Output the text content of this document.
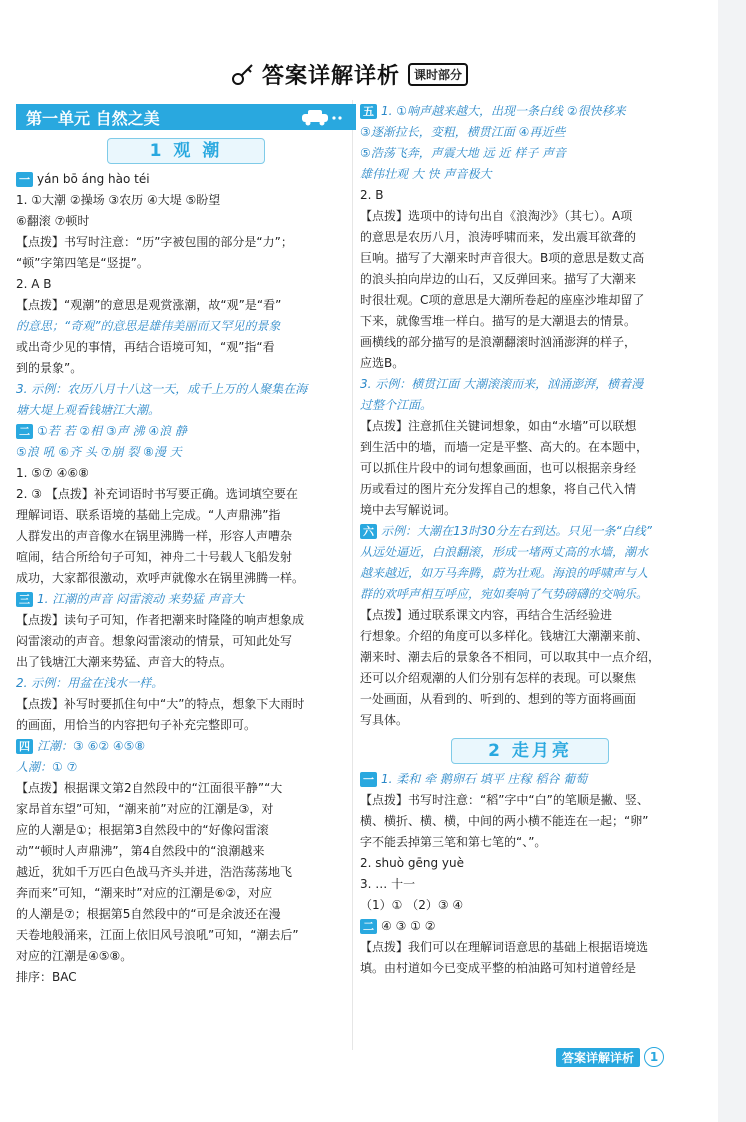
答案详解详析	课时部分
第一单元 自然之美
1 观 潮
一 yán bō áng hào téi
1. ①大潮 ②操场 ③农历 ④大堤 ⑤盼望
⑥翻滚 ⑦顿时
【点拨】书写时注意：“历”字被包围的部分是“力”；
“顿”字第四笔是“竖提”。
2. A B
【点拨】“观潮”的意思是观赏涨潮，故“观”是“看”
的意思；“奇观”的意思是雄伟美丽而又罕见的景象
或出奇少见的事情，再结合语境可知，“观”指“看
到的景象”。
3. 示例：农历八月十八这一天，成千上万的人聚集在海
塘大堤上观看钱塘江大潮。
二 ①若 若 ②相 ③声 沸 ④浪 静
⑤浪 吼 ⑥齐 头 ⑦崩 裂 ⑧漫 天
1. ⑤⑦ ④⑥⑧
2. ③ 【点拨】补充词语时书写要正确。选词填空要在
理解词语、联系语境的基础上完成。“人声鼎沸”指
人群发出的声音像水在锅里沸腾一样，形容人声嘈杂
喧闹，结合所给句子可知，神舟二十号载人飞船发射
成功，大家都很激动，欢呼声就像水在锅里沸腾一样。
三 1. 江潮的声音 闷雷滚动 来势猛 声音大
【点拨】读句子可知，作者把潮来时隆隆的响声想象成
闷雷滚动的声音。想象闷雷滚动的情景，可知此处写
出了钱塘江大潮来势猛、声音大的特点。
2. 示例：用盆在浅水一样。
【点拨】补写时要抓住句中“大”的特点，想象下大雨时
的画面，用恰当的内容把句子补充完整即可。
四 江潮：③ ⑥② ④⑤⑧
人潮：① ⑦
【点拨】根据课文第2自然段中的“江面很平静”“大
家昂首东望”可知，“潮来前”对应的江潮是③，对
应的人潮是①；根据第3自然段中的“好像闷雷滚
动”“顿时人声鼎沸”，第4自然段中的“浪潮越来
越近，犹如千万匹白色战马齐头并进，浩浩荡荡地飞
奔而来”可知，“潮来时”对应的江潮是⑥②，对应
的人潮是⑦；根据第5自然段中的“可是余波还在漫
天卷地般涌来，江面上依旧风号浪吼”可知，“潮去后”
对应的江潮是④⑤⑧。
排序：BAC
五 1. ①响声越来越大，出现一条白线 ②很快移来
③逐渐拉长，变粗，横贯江面 ④再近些
⑤浩荡飞奔，声震大地 远 近 样子 声音
雄伟壮观 大 快 声音极大
2. B
【点拨】选项中的诗句出自《浪淘沙》（其七）。A项
的意思是农历八月，浪涛呼啸而来，发出震耳欲聋的
巨响。描写了大潮来时声音很大。B项的意思是数丈高
的浪头拍向岸边的山石，又反弹回来。描写了大潮来
时很壮观。C项的意思是大潮所卷起的座座沙堆却留了
下来，就像雪堆一样白。描写的是大潮退去的情景。
画横线的部分描写的是浪潮翻滚时汹涌澎湃的样子，
应选B。
3. 示例：横贯江面 大潮滚滚而来，汹涌澎湃，横着漫
过整个江面。
【点拨】注意抓住关键词想象，如由“水墙”可以联想
到生活中的墙，而墙一定是平整、高大的。在本题中，
可以抓住片段中的词句想象画面，也可以根据亲身经
历或看过的图片充分发挥自己的想象，将自己代入情
境中去写解说词。
六 示例：大潮在13时30分左右到达。只见一条“白线”
从远处逼近，白浪翻滚，形成一堵两丈高的水墙，潮水
越来越近，如万马奔腾，蔚为壮观。海浪的呼啸声与人
群的欢呼声相互呼应，宛如奏响了气势磅礴的交响乐。
【点拨】通过联系课文内容，再结合生活经验进
行想象。介绍的角度可以多样化。钱塘江大潮潮来前、
潮来时、潮去后的景象各不相同，可以取其中一点介绍，
还可以介绍观潮的人们分别有怎样的表现。可以聚焦
一处画面，从看到的、听到的、想到的等方面将画面
写具体。
2 走月亮
一 1. 柔和 牵 鹅卵石 填平 庄稼 稻谷 葡萄
【点拨】书写时注意：“稻”字中“白”的笔顺是撇、竖、
横、横折、横、横，中间的两小横不能连在一起；“卵”
字不能丢掉第三笔和第七笔的“、”。
2. shuò gēng yuè
3. … 十一
（1）① （2）③ ④
二 ④ ③ ① ②
【点拨】我们可以在理解词语意思的基础上根据语境选
填。由村道如今已变成平整的柏油路可知村道曾经是
答案详解详析	1
